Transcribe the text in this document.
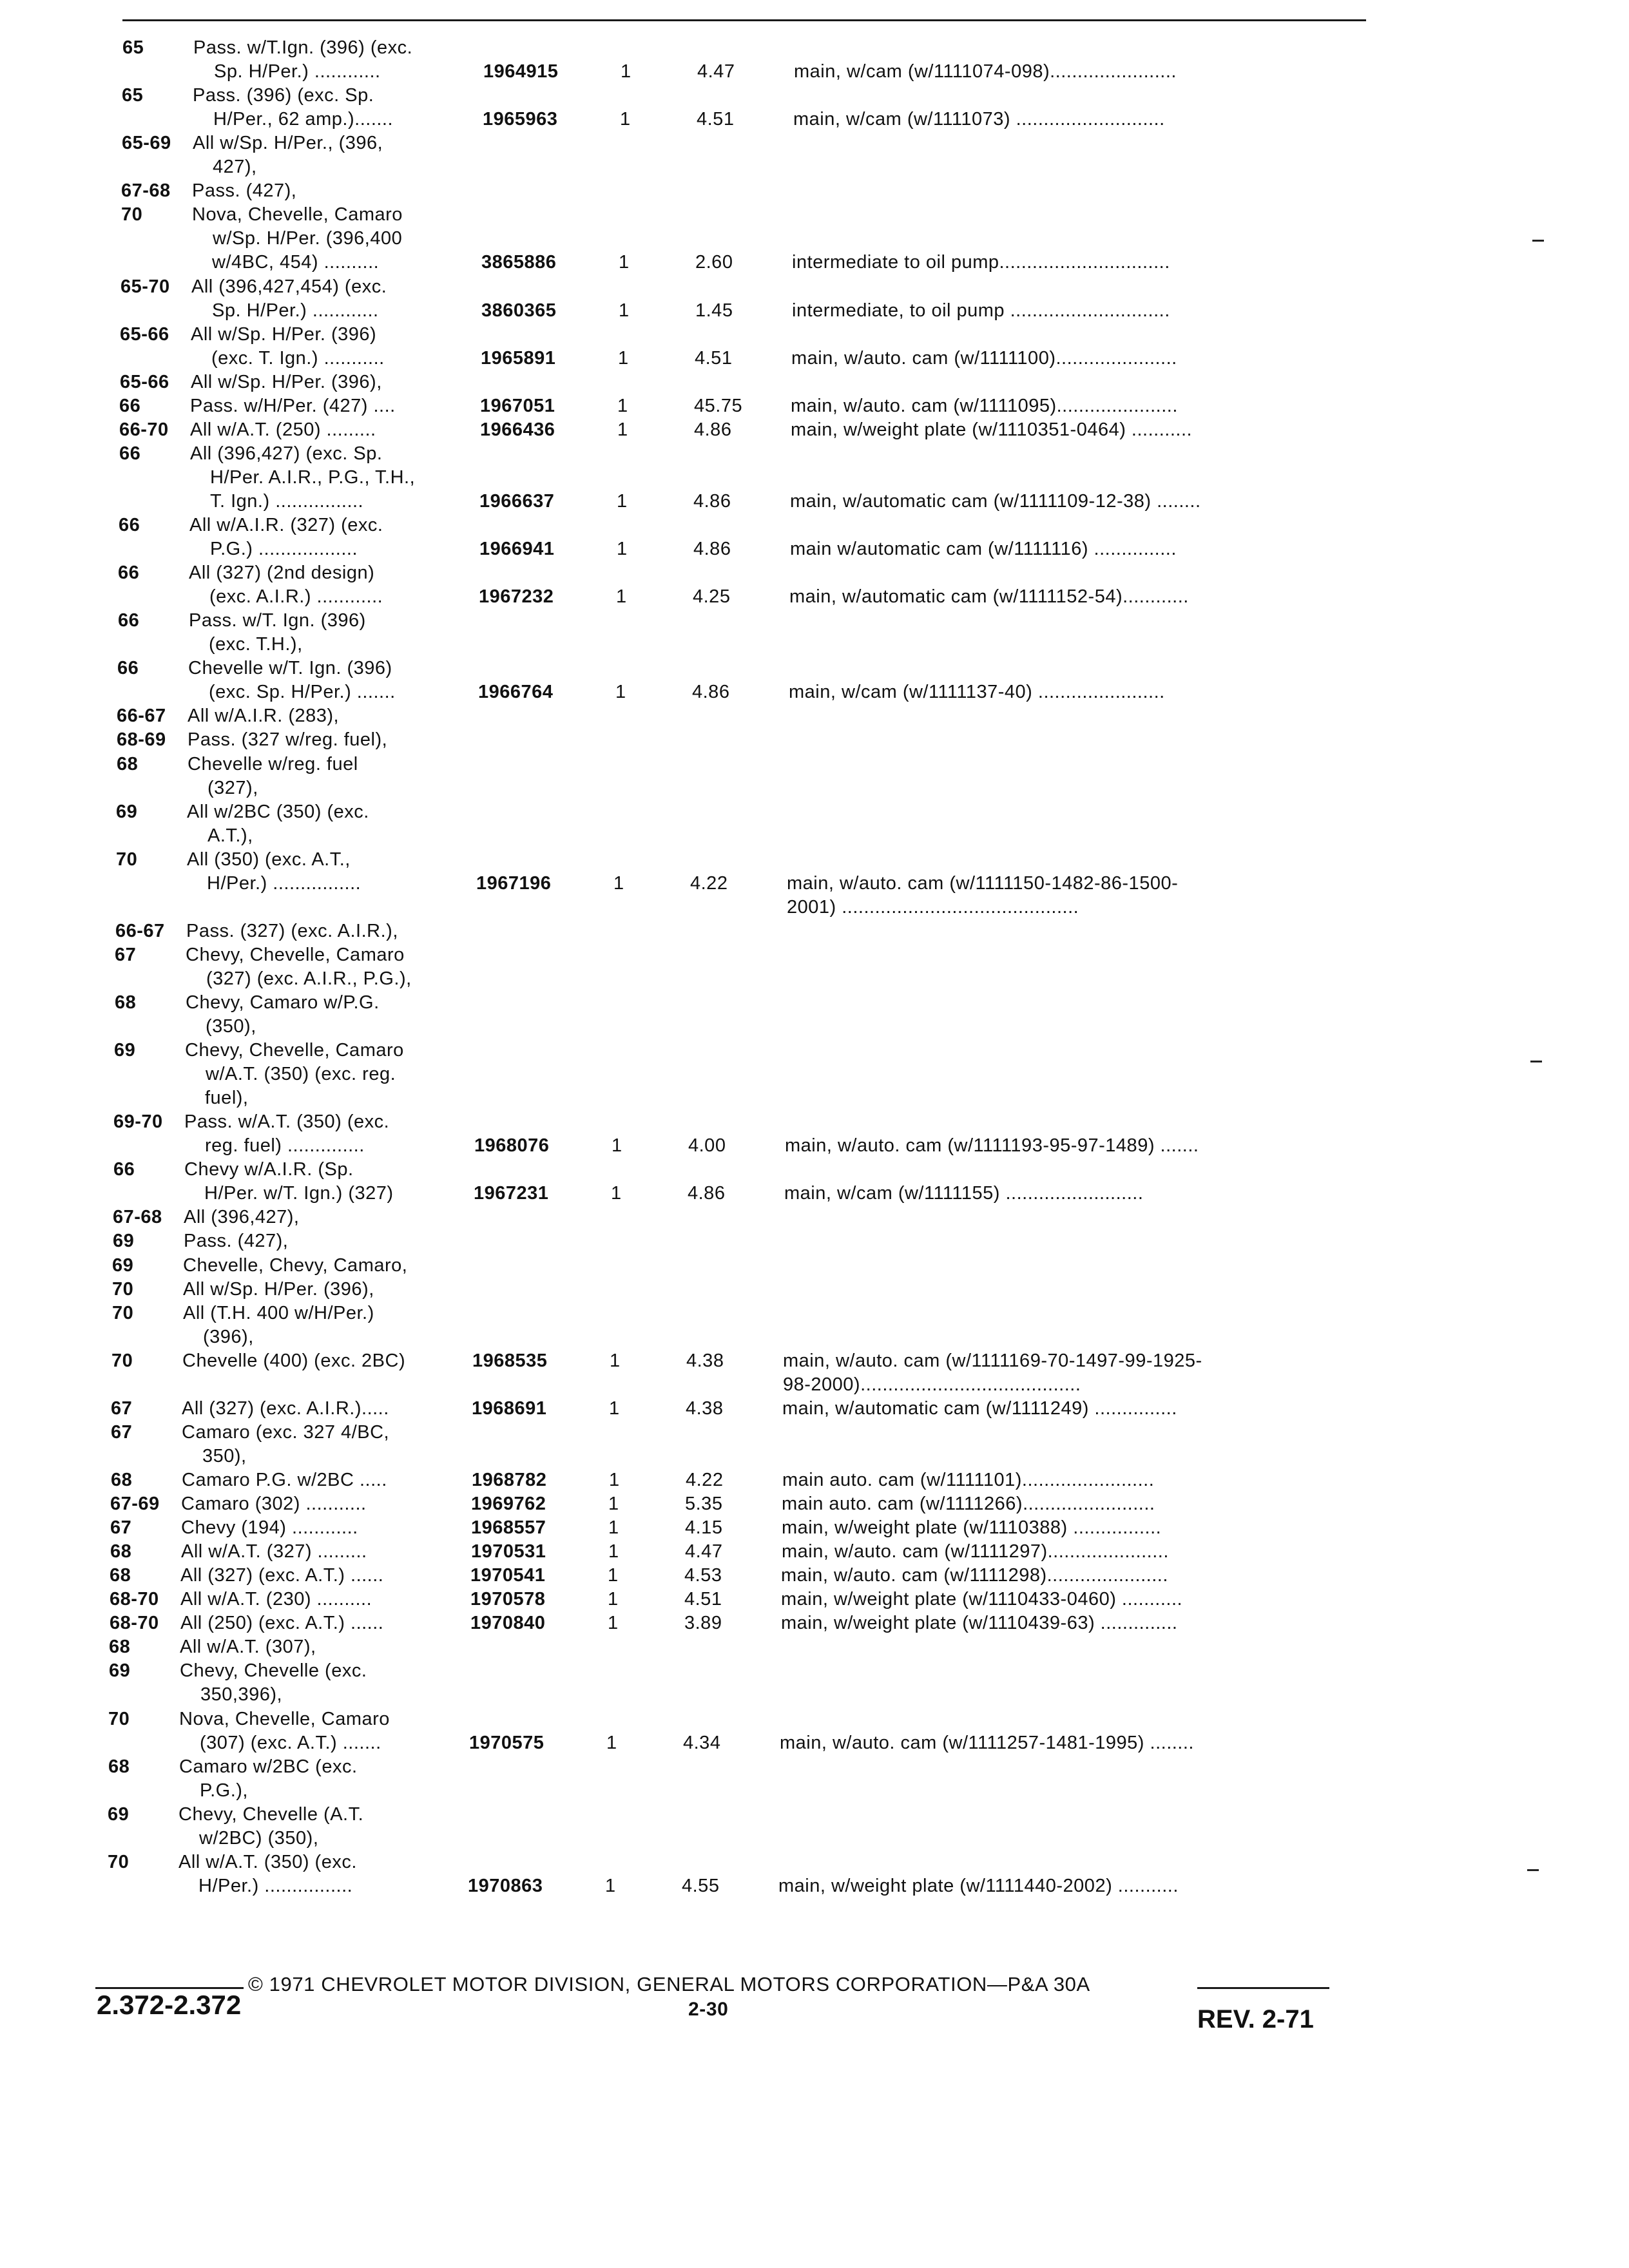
65	Pass. w/T.Ign. (396) (exc.
Sp. H/Per.) ............	1964915	1	4.47	main, w/cam (w/1111074-098).......................
65	Pass. (396) (exc. Sp.
H/Per., 62 amp.).......	1965963	1	4.51	main, w/cam (w/1111073) ...........................
65-69 All w/Sp. H/Per., (396,
427),
67-68 Pass. (427),
70	Nova, Chevelle, Camaro
w/Sp. H/Per. (396,400
w/4BC, 454) ..........	3865886	1	2.60	intermediate to oil pump...............................
65-70 All (396,427,454) (exc.
Sp. H/Per.) ............	3860365	1	1.45	intermediate, to oil pump .............................
65-66 All w/Sp. H/Per. (396)
(exc. T. Ign.) ...........	1965891	1	4.51	main, w/auto. cam (w/1111100)......................
65-66 All w/Sp. H/Per. (396),
66	Pass. w/H/Per. (427) ....	1967051	1	45.75	main, w/auto. cam (w/1111095)......................
66-70 All w/A.T. (250) .........	1966436	1	4.86	main, w/weight plate (w/1110351-0464) ...........
66	All (396,427) (exc. Sp.
H/Per. A.I.R., P.G., T.H.,
T. Ign.) ................	1966637	1	4.86	main, w/automatic cam (w/1111109-12-38) ........
66	All w/A.I.R. (327) (exc.
P.G.) ..................	1966941	1	4.86	main w/automatic cam (w/1111116) ...............
66	All (327) (2nd design)
(exc. A.I.R.) ............	1967232	1	4.25	main, w/automatic cam (w/1111152-54)............
66	Pass. w/T. Ign. (396)
(exc. T.H.),
66	Chevelle w/T. Ign. (396)
(exc. Sp. H/Per.) .......	1966764	1	4.86	main, w/cam (w/1111137-40) .......................
66-67 All w/A.I.R. (283),
68-69 Pass. (327 w/reg. fuel),
68	Chevelle w/reg. fuel
(327),
69	All w/2BC (350) (exc.
A.T.),
70	All (350) (exc. A.T.,
H/Per.) ................	1967196	1	4.22	main, w/auto. cam (w/1111150-1482-86-1500-
2001) ...........................................
66-67 Pass. (327) (exc. A.I.R.),
67	Chevy, Chevelle, Camaro
(327) (exc. A.I.R., P.G.),
68	Chevy, Camaro w/P.G.
(350),
69	Chevy, Chevelle, Camaro
w/A.T. (350) (exc. reg.
fuel),
69-70 Pass. w/A.T. (350) (exc.
reg. fuel) ..............	1968076	1	4.00	main, w/auto. cam (w/1111193-95-97-1489) .......
66	Chevy w/A.I.R. (Sp.
H/Per. w/T. Ign.) (327)	1967231	1	4.86	main, w/cam (w/1111155) .........................
67-68 All (396,427),
69	Pass. (427),
69	Chevelle, Chevy, Camaro,
70	All w/Sp. H/Per. (396),
70	All (T.H. 400 w/H/Per.)
(396),
70	Chevelle (400) (exc. 2BC)	1968535	1	4.38	main, w/auto. cam (w/1111169-70-1497-99-1925-
98-2000)........................................
67	All (327) (exc. A.I.R.).....	1968691	1	4.38	main, w/automatic cam (w/1111249) ...............
67	Camaro (exc. 327 4/BC,
350),
68	Camaro P.G. w/2BC .....	1968782	1	4.22	main auto. cam (w/1111101)........................
67-69 Camaro (302) ...........	1969762	1	5.35	main auto. cam (w/1111266)........................
67	Chevy (194) ............	1968557	1	4.15	main, w/weight plate (w/1110388) ................
68	All w/A.T. (327) .........	1970531	1	4.47	main, w/auto. cam (w/1111297)......................
68	All (327) (exc. A.T.) ......	1970541	1	4.53	main, w/auto. cam (w/1111298)......................
68-70 All w/A.T. (230) ..........	1970578	1	4.51	main, w/weight plate (w/1110433-0460) ...........
68-70 All (250) (exc. A.T.) ......	1970840	1	3.89	main, w/weight plate (w/1110439-63) ..............
68	All w/A.T. (307),
69	Chevy, Chevelle (exc.
350,396),
70	Nova, Chevelle, Camaro
(307) (exc. A.T.) .......	1970575	1	4.34	main, w/auto. cam (w/1111257-1481-1995) ........
68	Camaro w/2BC (exc.
P.G.),
69	Chevy, Chevelle (A.T.
w/2BC) (350),
70	All w/A.T. (350) (exc.
H/Per.) ................	1970863	1	4.55	main, w/weight plate (w/1111440-2002) ...........
© 1971 CHEVROLET MOTOR DIVISION, GENERAL MOTORS CORPORATION—P&A 30A
2.372-2.372	2-30	REV. 2-71
